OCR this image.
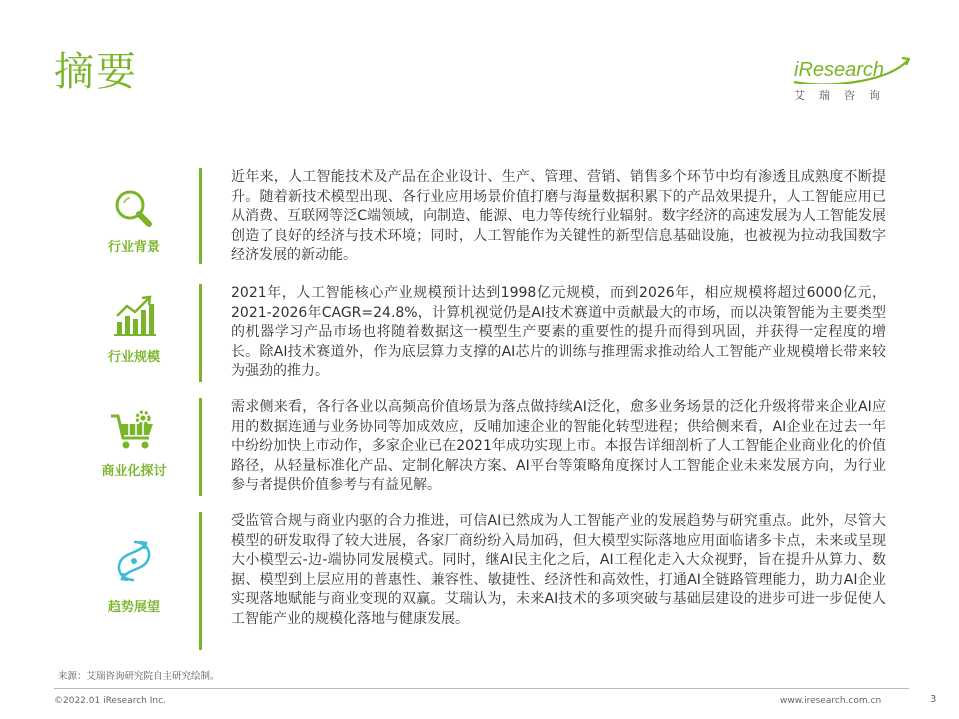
摘要	iResearch
艾瑞咨询
行业背景
近年来，人工智能技术及产品在企业设计、生产、管理、营销、销售多个环节中均有渗透且成熟度不断提升。随着新技术模型出现、各行业应用场景价值打磨与海量数据积累下的产品效果提升，人工智能应用已从消费、互联网等泛C端领域，向制造、能源、电力等传统行业辐射。数字经济的高速发展为人工智能发展创造了良好的经济与技术环境；同时，人工智能作为关键性的新型信息基础设施，也被视为拉动我国数字经济发展的新动能。
行业规模
2021年，人工智能核心产业规模预计达到1998亿元规模，而到2026年，相应规模将超过6000亿元，2021-2026年CAGR=24.8%，计算机视觉仍是AI技术赛道中贡献最大的市场，而以决策智能为主要类型的机器学习产品市场也将随着数据这一模型生产要素的重要性的提升而得到巩固，并获得一定程度的增长。除AI技术赛道外，作为底层算力支撑的AI芯片的训练与推理需求推动给人工智能产业规模增长带来较为强劲的推力。
商业化探讨
需求侧来看，各行各业以高频高价值场景为落点做持续AI泛化，愈多业务场景的泛化升级将带来企业AI应用的数据连通与业务协同等加成效应，反哺加速企业的智能化转型进程；供给侧来看，AI企业在过去一年中纷纷加快上市动作，多家企业已在2021年成功实现上市。本报告详细剖析了人工智能企业商业化的价值路径，从轻量标准化产品、定制化解决方案、AI平台等策略角度探讨人工智能企业未来发展方向，为行业参与者提供价值参考与有益见解。
趋势展望
受监管合规与商业内驱的合力推进，可信AI已然成为人工智能产业的发展趋势与研究重点。此外，尽管大模型的研发取得了较大进展，各家厂商纷纷入局加码，但大模型实际落地应用面临诸多卡点，未来或呈现大小模型云-边-端协同发展模式。同时，继AI民主化之后，AI工程化走入大众视野，旨在提升从算力、数据、模型到上层应用的普惠性、兼容性、敏捷性、经济性和高效性，打通AI全链路管理能力，助力AI企业实现落地赋能与商业变现的双赢。艾瑞认为，未来AI技术的多项突破与基础层建设的进步可进一步促使人工智能产业的规模化落地与健康发展。
来源：艾瑞咨询研究院自主研究绘制。
©2022.01 iResearch Inc.	www.iresearch.com.cn	3
